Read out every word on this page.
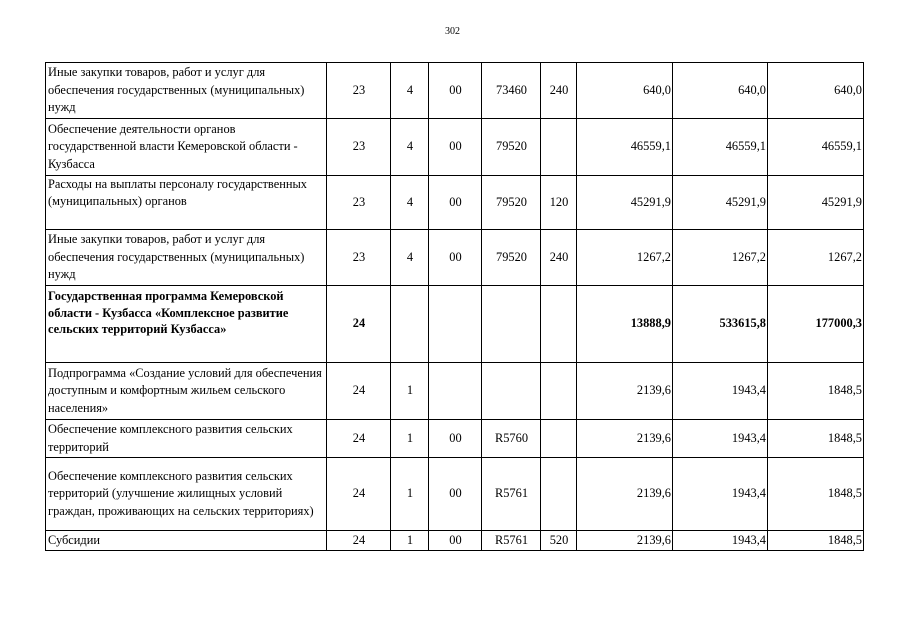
302
Иные закупки товаров, работ и услуг для обеспечения государственных (муниципальных) нужд	23	4	00	73460	240	640,0	640,0	640,0
Обеспечение деятельности органов государственной власти Кемеровской области - Кузбасса	23	4	00	79520		46559,1	46559,1	46559,1
Расходы на выплаты персоналу государственных (муниципальных) органов	23	4	00	79520	120	45291,9	45291,9	45291,9
Иные закупки товаров, работ и услуг для обеспечения государственных (муниципальных) нужд	23	4	00	79520	240	1267,2	1267,2	1267,2
Государственная программа Кемеровской области - Кузбасса «Комплексное развитие сельских территорий Кузбасса»	24					13888,9	533615,8	177000,3
Подпрограмма «Создание условий для обеспечения доступным и комфортным жильем сельского населения»	24	1				2139,6	1943,4	1848,5
Обеспечение комплексного развития сельских территорий	24	1	00	R5760		2139,6	1943,4	1848,5
Обеспечение комплексного развития сельских территорий (улучшение жилищных условий граждан, проживающих на сельских территориях)	24	1	00	R5761		2139,6	1943,4	1848,5
Субсидии	24	1	00	R5761	520	2139,6	1943,4	1848,5
